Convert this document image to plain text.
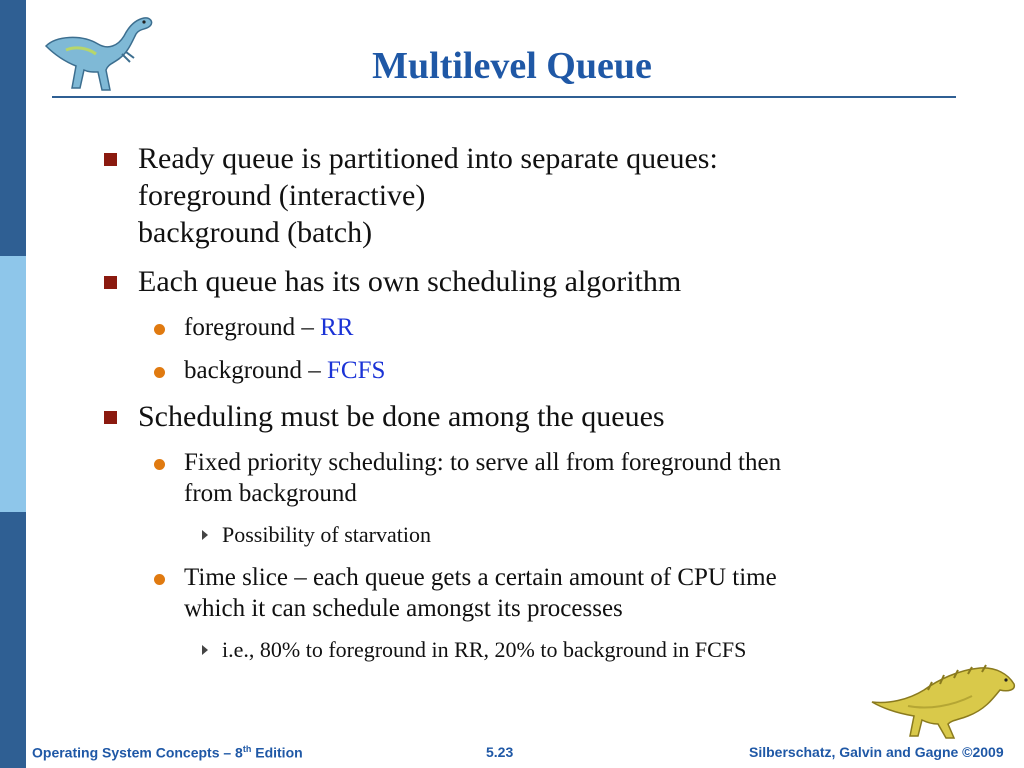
Multilevel Queue
Ready queue is partitioned into separate queues:
foreground (interactive)
background (batch)
Each queue has its own scheduling algorithm
foreground – RR
background – FCFS
Scheduling must be done among the queues
Fixed priority scheduling: to serve all from foreground then
from background
Possibility of starvation
Time slice – each queue gets a certain amount of CPU time
which it can schedule amongst its processes
i.e., 80% to foreground in RR, 20% to background in FCFS
Operating System Concepts – 8th Edition	5.23	Silberschatz, Galvin and Gagne ©2009
